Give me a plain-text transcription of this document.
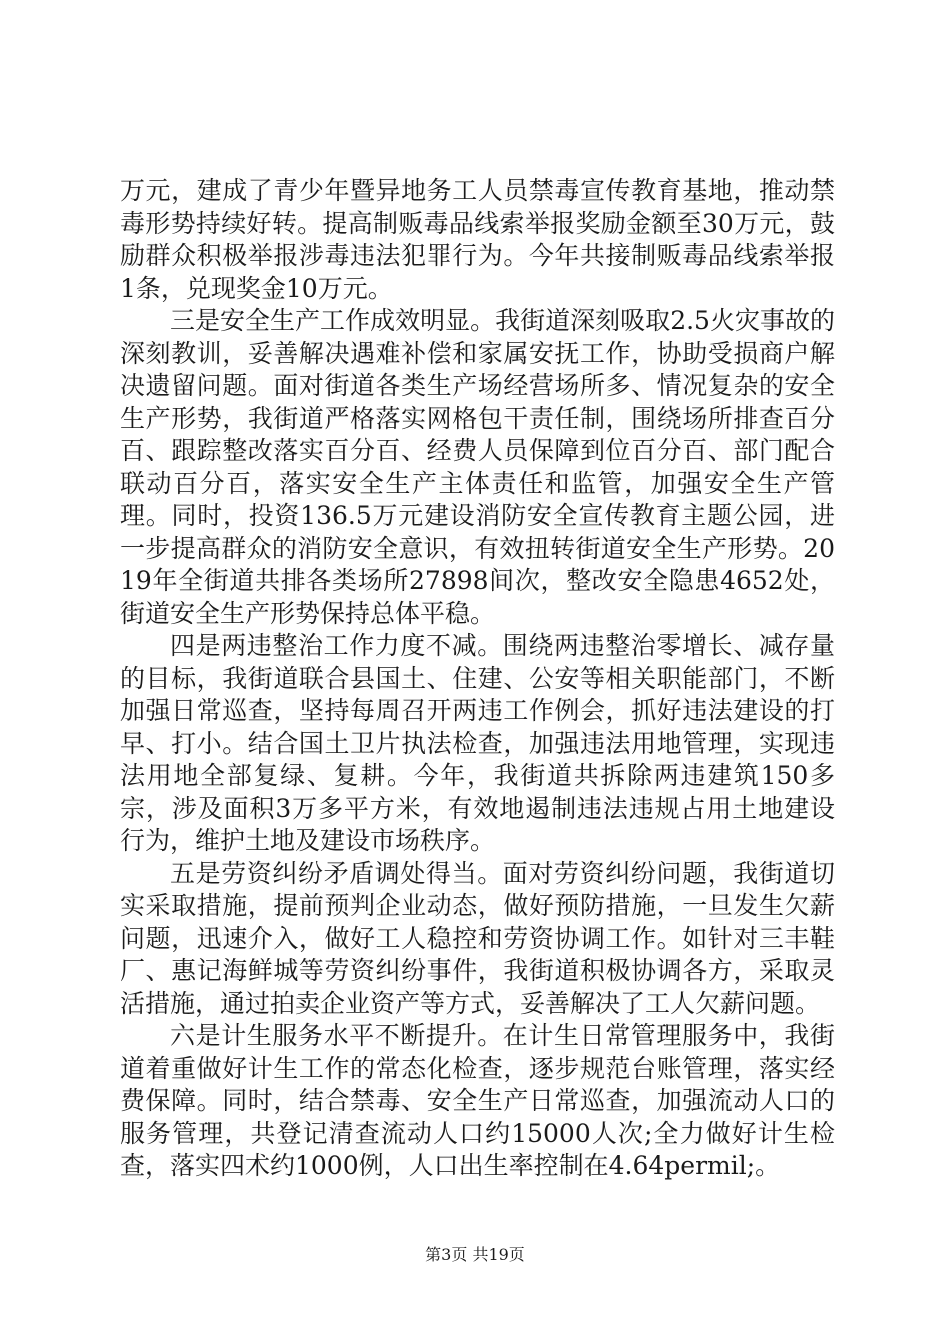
万元，建成了青少年暨异地务工人员禁毒宣传教育基地，推动禁毒形势持续好转。提高制贩毒品线索举报奖励金额至30万元，鼓励群众积极举报涉毒违法犯罪行为。今年共接制贩毒品线索举报1条，兑现奖金10万元。

三是安全生产工作成效明显。我街道深刻吸取2.5火灾事故的深刻教训，妥善解决遇难补偿和家属安抚工作，协助受损商户解决遗留问题。面对街道各类生产场经营场所多、情况复杂的安全生产形势，我街道严格落实网格包干责任制，围绕场所排查百分百、跟踪整改落实百分百、经费人员保障到位百分百、部门配合联动百分百，落实安全生产主体责任和监管，加强安全生产管理。同时，投资136.5万元建设消防安全宣传教育主题公园，进一步提高群众的消防安全意识，有效扭转街道安全生产形势。2019年全街道共排各类场所27898间次，整改安全隐患4652处，街道安全生产形势保持总体平稳。

四是两违整治工作力度不减。围绕两违整治零增长、减存量的目标，我街道联合县国土、住建、公安等相关职能部门，不断加强日常巡查，坚持每周召开两违工作例会，抓好违法建设的打早、打小。结合国土卫片执法检查，加强违法用地管理，实现违法用地全部复绿、复耕。今年，我街道共拆除两违建筑150多宗，涉及面积3万多平方米，有效地遏制违法违规占用土地建设行为，维护土地及建设市场秩序。

五是劳资纠纷矛盾调处得当。面对劳资纠纷问题，我街道切实采取措施，提前预判企业动态，做好预防措施，一旦发生欠薪问题，迅速介入，做好工人稳控和劳资协调工作。如针对三丰鞋厂、惠记海鲜城等劳资纠纷事件，我街道积极协调各方，采取灵活措施，通过拍卖企业资产等方式，妥善解决了工人欠薪问题。

六是计生服务水平不断提升。在计生日常管理服务中，我街道着重做好计生工作的常态化检查，逐步规范台账管理，落实经费保障。同时，结合禁毒、安全生产日常巡查，加强流动人口的服务管理，共登记清查流动人口约15000人次;全力做好计生检查，落实四术约1000例，人口出生率控制在4.64permil;。

第3页 共19页
